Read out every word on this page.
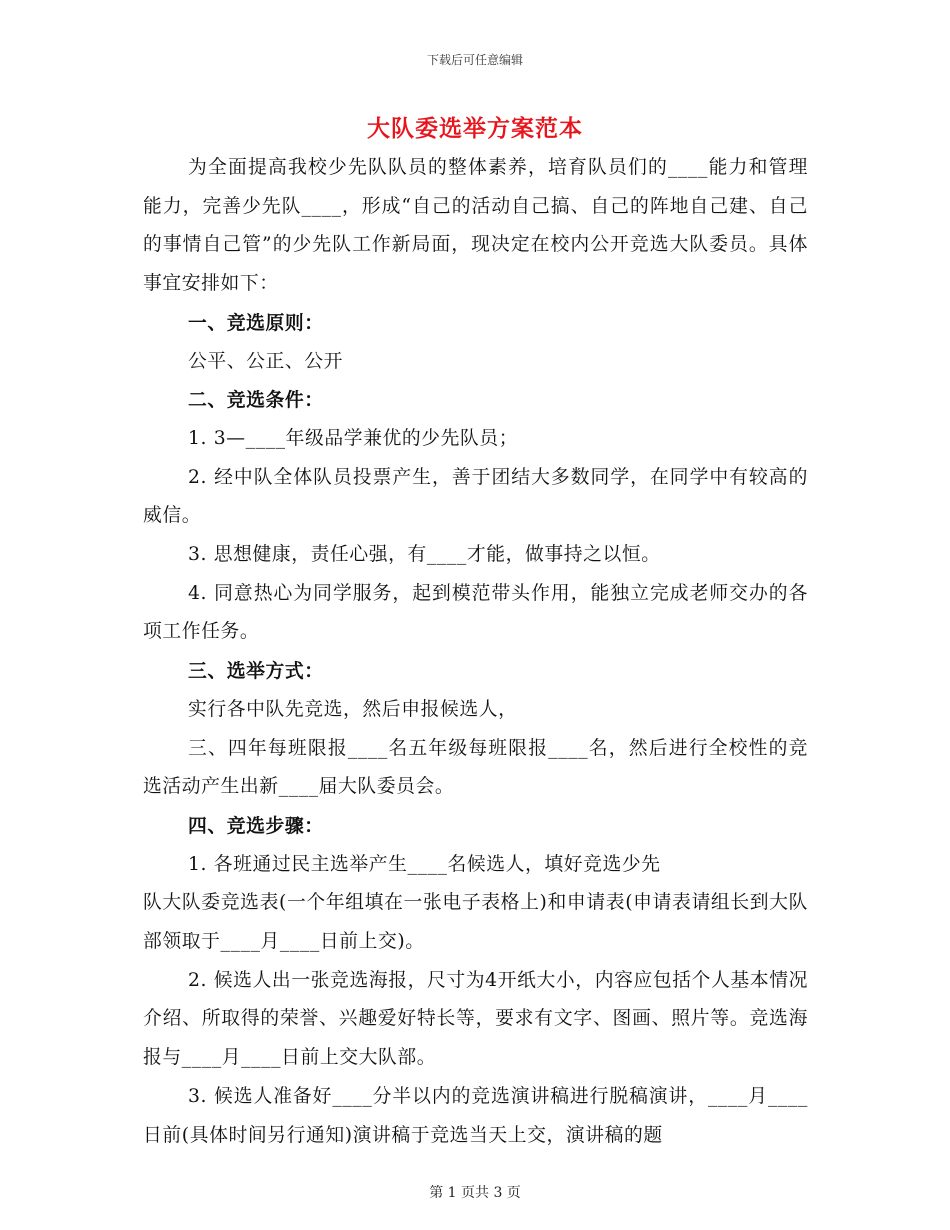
下载后可任意编辑
大队委选举方案范本

为全面提高我校少先队队员的整体素养，培育队员们的____能力和管理能力，完善少先队____，形成“自己的活动自己搞、自己的阵地自己建、自己的事情自己管”的少先队工作新局面，现决定在校内公开竞选大队委员。具体事宜安排如下：

一、竞选原则：

公平、公正、公开

二、竞选条件：

1. 3—____年级品学兼优的少先队员；

2. 经中队全体队员投票产生，善于团结大多数同学，在同学中有较高的威信。

3. 思想健康，责任心强，有____才能，做事持之以恒。

4. 同意热心为同学服务，起到模范带头作用，能独立完成老师交办的各项工作任务。

三、选举方式：

实行各中队先竞选，然后申报候选人，

三、四年每班限报____名五年级每班限报____名，然后进行全校性的竞选活动产生出新____届大队委员会。

四、竞选步骤：

1. 各班通过民主选举产生____名候选人，填好竞选少先

队大队委竞选表(一个年组填在一张电子表格上)和申请表(申请表请组长到大队部领取于____月____日前上交)。

2. 候选人出一张竞选海报，尺寸为4开纸大小，内容应包括个人基本情况介绍、所取得的荣誉、兴趣爱好特长等，要求有文字、图画、照片等。竞选海报与____月____日前上交大队部。

3. 候选人准备好____分半以内的竞选演讲稿进行脱稿演讲，____月____日前(具体时间另行通知)演讲稿于竞选当天上交，演讲稿的题

第 1 页共 3 页
